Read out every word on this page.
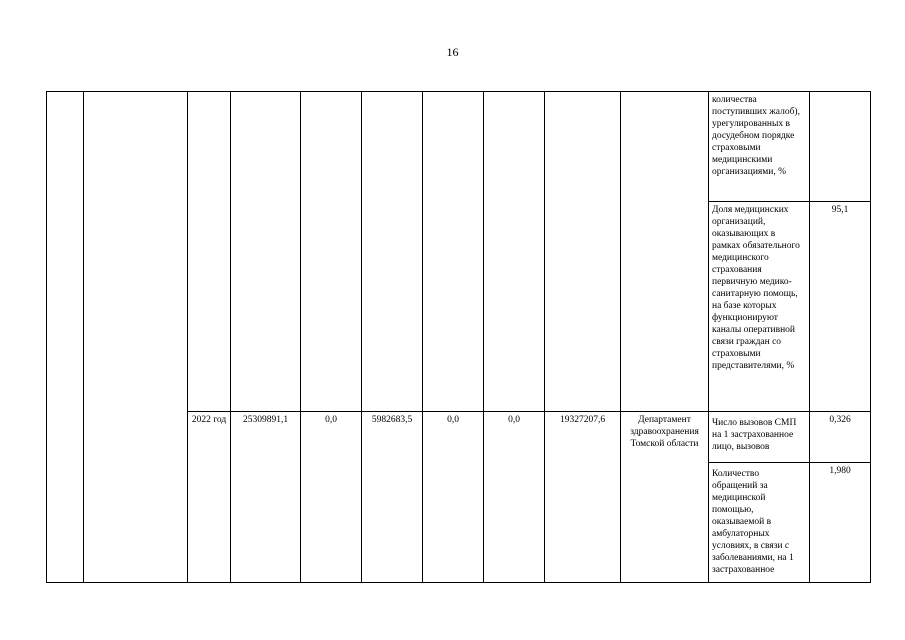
16
										количества поступивших жалоб), урегулированных в досудебном порядке страховыми медицинскими организациями, %	
										Доля медицинских организаций, оказывающих в рамках обязательного медицинского страхования первичную медико-санитарную помощь, на базе которых функционируют каналы оперативной связи граждан со страховыми представителями, %	95,1
		2022 год	25309891,1	0,0	5982683,5	0,0	0,0	19327207,6	Департамент здравоохранения Томской области	Число вызовов СМП на 1 застрахованное лицо, вызовов	0,326
										Количество обращений за медицинской помощью, оказываемой в амбулаторных условиях, в связи с заболеваниями, на 1 застрахованное	1,980
